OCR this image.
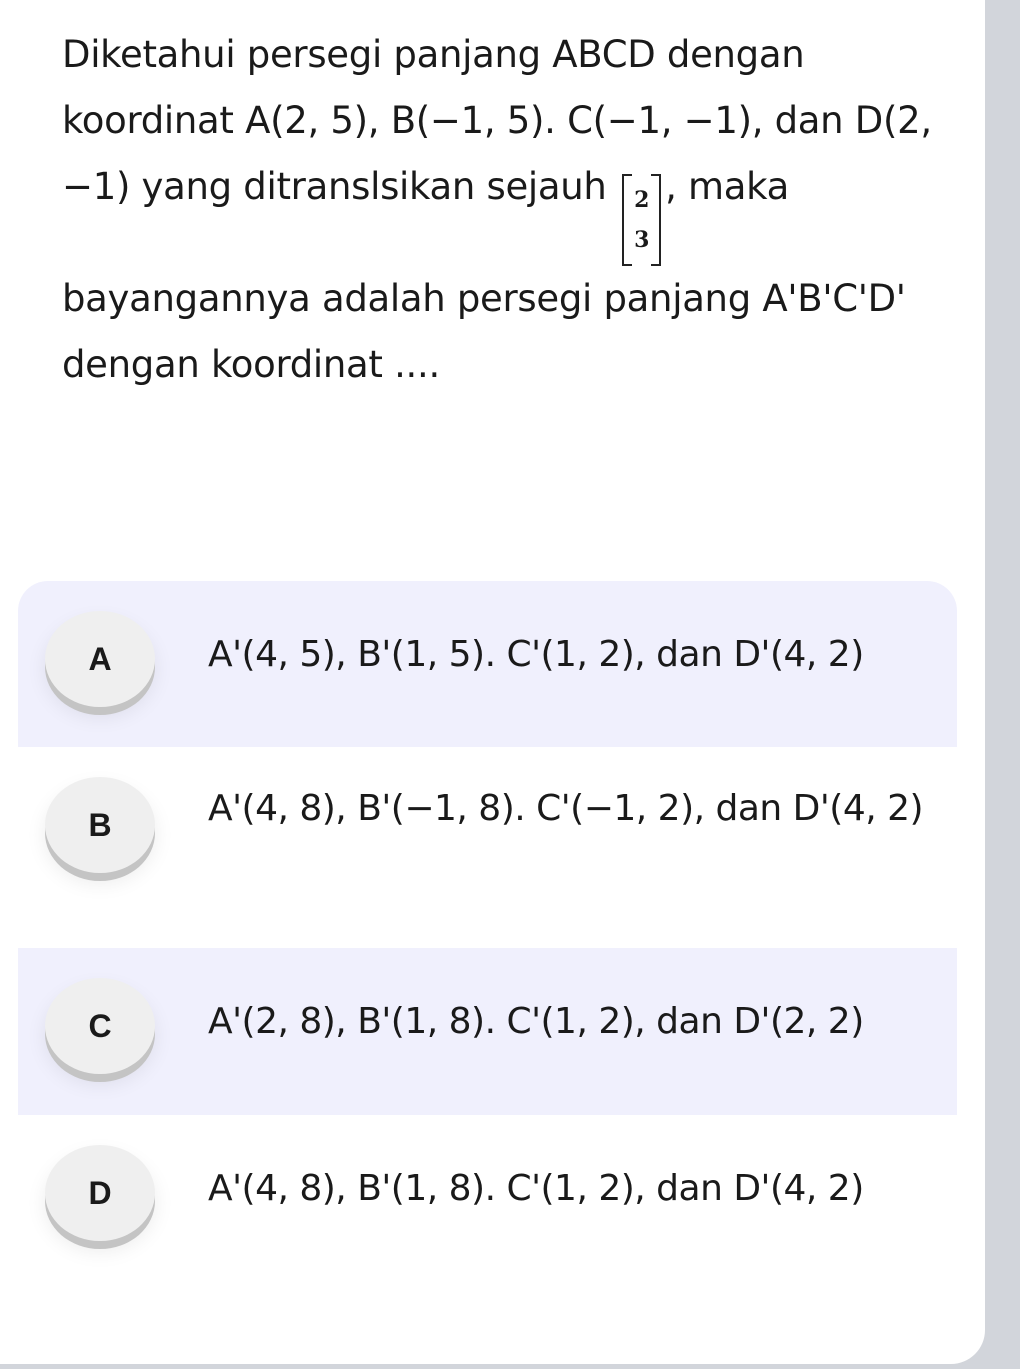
Diketahui persegi panjang ABCD dengan koordinat A(2, 5), B(−1, 5). C(−1, −1), dan D(2, −1) yang ditranslsikan sejauh 2
3
, maka bayangannya adalah persegi panjang A'B'C'D' dengan koordinat ....
A	A'(4, 5), B'(1, 5). C'(1, 2), dan D'(4, 2)
B	A'(4, 8), B'(−1, 8). C'(−1, 2), dan D'(4, 2)
C	A'(2, 8), B'(1, 8). C'(1, 2), dan D'(2, 2)
D	A'(4, 8), B'(1, 8). C'(1, 2), dan D'(4, 2)
